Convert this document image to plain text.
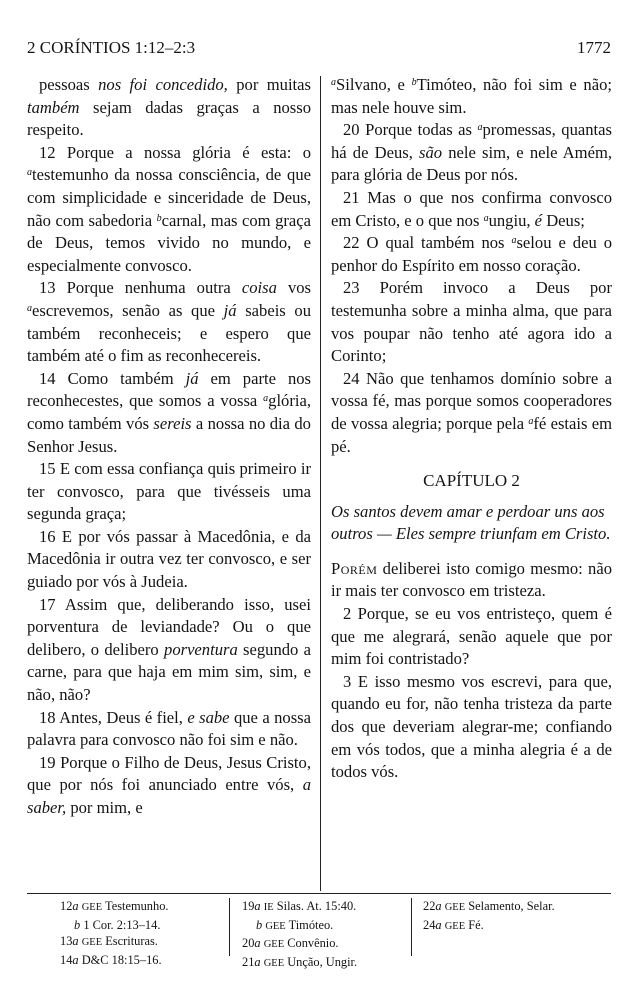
2 CORÍNTIOS 1:12–2:3	1772

pessoas nos foi concedido, por muitas também sejam dadas graças a nosso respeito.

12 Porque a nossa glória é esta: o $^a$testemunho da nossa consciência, de que com simplicidade e sinceridade de Deus, não com sabedoria $^b$carnal, mas com graça de Deus, temos vivido no mundo, e especialmente convosco.

13 Porque nenhuma outra coisa vos $^a$escrevemos, senão as que já sabeis ou também reconheceis; e espero que também até o fim as reconhecereis.

14 Como também já em parte nos reconhecestes, que somos a vossa $^a$glória, como também vós sereis a nossa no dia do Senhor Jesus.

15 E com essa confiança quis primeiro ir ter convosco, para que tivésseis uma segunda graça;

16 E por vós passar à Macedônia, e da Macedônia ir outra vez ter convosco, e ser guiado por vós à Judeia.

17 Assim que, deliberando isso, usei porventura de leviandade? Ou o que delibero, o delibero porventura segundo a carne, para que haja em mim sim, sim, e não, não?

18 Antes, Deus é fiel, e sabe que a nossa palavra para convosco não foi sim e não.

19 Porque o Filho de Deus, Jesus Cristo, que por nós foi anunciado entre vós, a saber, por mim, e

$^a$Silvano, e $^b$Timóteo, não foi sim e não; mas nele houve sim.

20 Porque todas as $^a$promessas, quantas há de Deus, são nele sim, e nele Amém, para glória de Deus por nós.

21 Mas o que nos confirma convosco em Cristo, e o que nos $^a$ungiu, é Deus;

22 O qual também nos $^a$selou e deu o penhor do Espírito em nosso coração.

23 Porém invoco a Deus por testemunha sobre a minha alma, que para vos poupar não tenho até agora ido a Corinto;

24 Não que tenhamos domínio sobre a vossa fé, mas porque somos cooperadores de vossa alegria; porque pela $^a$fé estais em pé.

CAPÍTULO 2

Os santos devem amar e perdoar uns aos outros — Eles sempre triunfam em Cristo.

Porém deliberei isto comigo mesmo: não ir mais ter convosco em tristeza.

2 Porque, se eu vos entristeço, quem é que me alegrará, senão aquele que por mim foi contristado?

3 E isso mesmo vos escrevi, para que, quando eu for, não tenha tristeza da parte dos que deveriam alegrar-me; confiando em vós todos, que a minha alegria é a de todos vós.

12a GEE Testemunho.
b 1 Cor. 2:13–14.
13a GEE Escrituras.
14a D&C 18:15–16.
19a IE Silas. At. 15:40.
b GEE Timóteo.
20a GEE Convênio.
21a GEE Unção, Ungir.
22a GEE Selamento, Selar.
24a GEE Fé.
